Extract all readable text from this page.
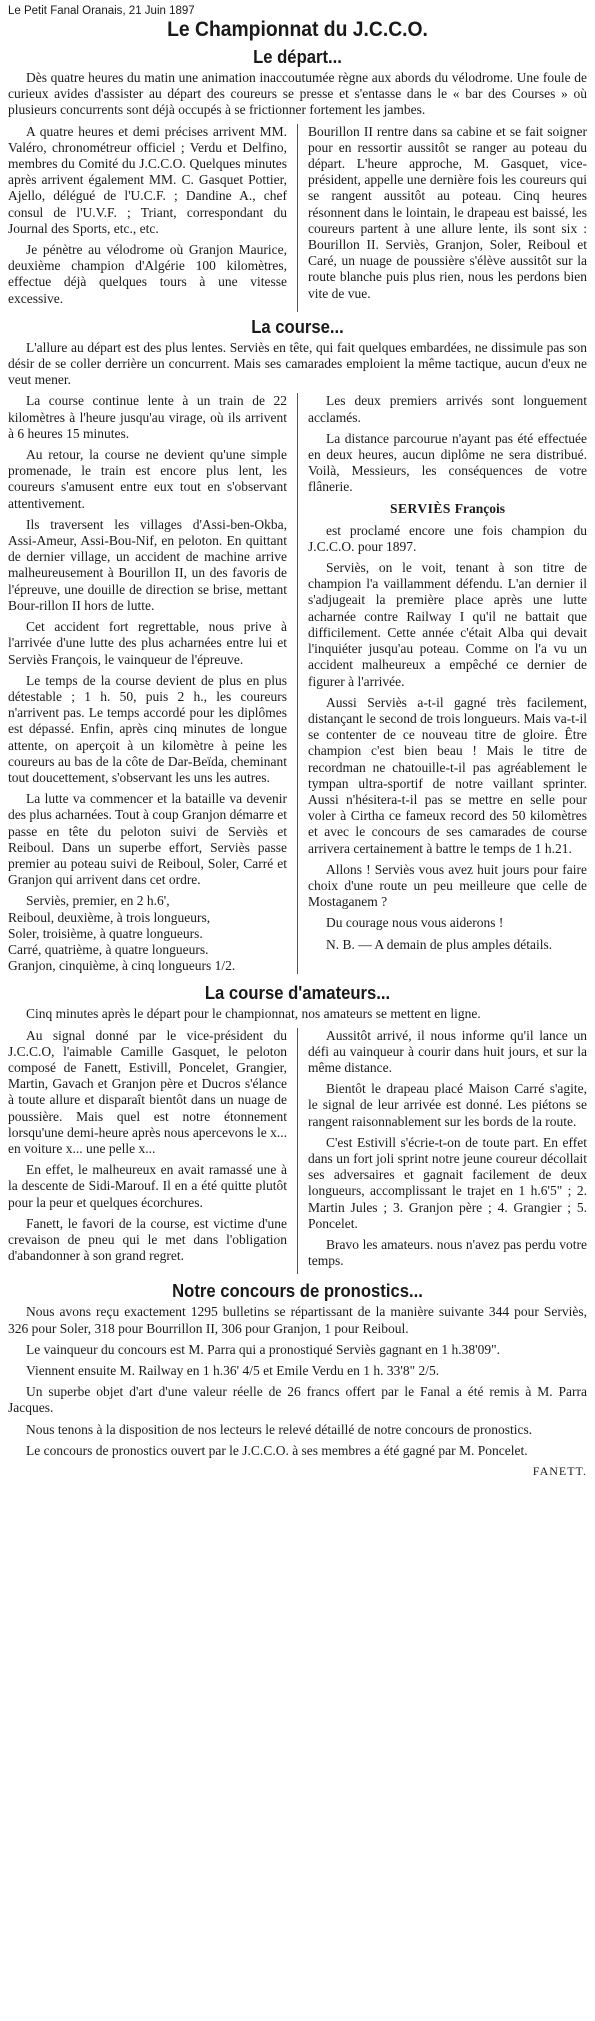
Le Petit Fanal Oranais, 21 Juin 1897
Le Championnat du J.C.C.O.
Le départ...

Dès quatre heures du matin une animation inaccoutumée règne aux abords du vélodrome. Une foule de curieux avides d'assister au départ des coureurs se presse et s'entasse dans le « bar des Courses » où plusieurs concurrents sont déjà occupés à se frictionner fortement les jambes.

A quatre heures et demi précises arrivent MM. Valéro, chronométreur officiel ; Verdu et Delfino, membres du Comité du J.C.C.O. Quelques minutes après arrivent également MM. C. Gasquet Pottier, Ajello, délégué de l'U.C.F. ; Dandine A., chef consul de l'U.V.F. ; Triant, correspondant du Journal des Sports, etc., etc.

Je pénètre au vélodrome où Granjon Maurice, deuxième champion d'Algérie 100 kilomètres, effectue déjà quelques tours à une vitesse excessive.

Bourillon II rentre dans sa cabine et se fait soigner pour en ressortir aussitôt se ranger au poteau du départ. L'heure approche, M. Gasquet, vice-président, appelle une dernière fois les coureurs qui se rangent aussitôt au poteau. Cinq heures résonnent dans le lointain, le drapeau est baissé, les coureurs partent à une allure lente, ils sont six : Bourillon II. Serviès, Granjon, Soler, Reiboul et Caré, un nuage de poussière s'élève aussitôt sur la route blanche puis plus rien, nous les perdons bien vite de vue.

La course...

L'allure au départ est des plus lentes. Serviès en tête, qui fait quelques embardées, ne dissimule pas son désir de se coller derrière un concurrent. Mais ses camarades emploient la même tactique, aucun d'eux ne veut mener.

La course continue lente à un train de 22 kilomètres à l'heure jusqu'au virage, où ils arrivent à 6 heures 15 minutes.

Au retour, la course ne devient qu'une simple promenade, le train est encore plus lent, les coureurs s'amusent entre eux tout en s'observant attentivement.

Ils traversent les villages d'Assi-ben-Okba, Assi-Ameur, Assi-Bou-Nif, en peloton. En quittant de dernier village, un accident de machine arrive malheureusement à Bourillon II, un des favoris de l'épreuve, une douille de direction se brise, mettant Bour-rillon II hors de lutte.

Cet accident fort regrettable, nous prive à l'arrivée d'une lutte des plus acharnées entre lui et Serviès François, le vainqueur de l'épreuve.

Le temps de la course devient de plus en plus détestable ; 1 h. 50, puis 2 h., les coureurs n'arrivent pas. Le temps accordé pour les diplômes est dépassé. Enfin, après cinq minutes de longue attente, on aperçoit à un kilomètre à peine les coureurs au bas de la côte de Dar-Beïda, cheminant tout doucettement, s'observant les uns les autres.

La lutte va commencer et la bataille va devenir des plus acharnées. Tout à coup Granjon démarre et passe en tête du peloton suivi de Serviès et Reiboul. Dans un superbe effort, Serviès passe premier au poteau suivi de Reiboul, Soler, Carré et Granjon qui arrivent dans cet ordre.

Serviès, premier, en 2 h.6',

Reiboul, deuxième, à trois longueurs,

Soler, troisième, à quatre longueurs.

Carré, quatrième, à quatre longueurs.

Granjon, cinquième, à cinq longueurs 1/2.

Les deux premiers arrivés sont longuement acclamés.

La distance parcourue n'ayant pas été effectuée en deux heures, aucun diplôme ne sera distribué. Voilà, Messieurs, les conséquences de votre flânerie.

SERVIÈS François

est proclamé encore une fois champion du J.C.C.O. pour 1897.

Serviès, on le voit, tenant à son titre de champion l'a vaillamment défendu. L'an dernier il s'adjugeait la première place après une lutte acharnée contre Railway I qu'il ne battait que difficilement. Cette année c'était Alba qui devait l'inquiéter jusqu'au poteau. Comme on l'a vu un accident malheureux a empêché ce dernier de figurer à l'arrivée.

Aussi Serviès a-t-il gagné très facilement, distançant le second de trois longueurs. Mais va-t-il se contenter de ce nouveau titre de gloire. Être champion c'est bien beau ! Mais le titre de recordman ne chatouille-t-il pas agréablement le tympan ultra-sportif de notre vaillant sprinter. Aussi n'hésitera-t-il pas se mettre en selle pour voler à Cirtha ce fameux record des 50 kilomètres et avec le concours de ses camarades de course arrivera certainement à battre le temps de 1 h.21.

Allons ! Serviès vous avez huit jours pour faire choix d'une route un peu meilleure que celle de Mostaganem ?

Du courage nous vous aiderons !

N. B. — A demain de plus amples détails.

La course d'amateurs...

Cinq minutes après le départ pour le championnat, nos amateurs se mettent en ligne.

Au signal donné par le vice-président du J.C.C.O, l'aimable Camille Gasquet, le peloton composé de Fanett, Estivill, Poncelet, Grangier, Martin, Gavach et Granjon père et Ducros s'élance à toute allure et disparaît bientôt dans un nuage de poussière. Mais quel est notre étonnement lorsqu'une demi-heure après nous apercevons le x... en voiture x... une pelle x...

En effet, le malheureux en avait ramassé une à la descente de Sidi-Marouf. Il en a été quitte plutôt pour la peur et quelques écorchures.

Fanett, le favori de la course, est victime d'une crevaison de pneu qui le met dans l'obligation d'abandonner à son grand regret.

Aussitôt arrivé, il nous informe qu'il lance un défi au vainqueur à courir dans huit jours, et sur la même distance.

Bientôt le drapeau placé Maison Carré s'agite, le signal de leur arrivée est donné. Les piétons se rangent raisonnablement sur les bords de la route.

C'est Estivill s'écrie-t-on de toute part. En effet dans un fort joli sprint notre jeune coureur décollait ses adversaires et gagnait facilement de deux longueurs, accomplissant le trajet en 1 h.6'5" ; 2. Martin Jules ; 3. Granjon père ; 4. Grangier ; 5. Poncelet.

Bravo les amateurs. nous n'avez pas perdu votre temps.

Notre concours de pronostics...

Nous avons reçu exactement 1295 bulletins se répartissant de la manière suivante 344 pour Serviès, 326 pour Soler, 318 pour Bourrillon II, 306 pour Granjon, 1 pour Reiboul.

Le vainqueur du concours est M. Parra qui a pronostiqué Serviès gagnant en 1 h.38'09".

Viennent ensuite M. Railway en 1 h.36' 4/5 et Emile Verdu en 1 h. 33'8" 2/5.

Un superbe objet d'art d'une valeur réelle de 26 francs offert par le Fanal a été remis à M. Parra Jacques.

Nous tenons à la disposition de nos lecteurs le relevé détaillé de notre concours de pronostics.

Le concours de pronostics ouvert par le J.C.C.O. à ses membres a été gagné par M. Poncelet.

FANETT.
